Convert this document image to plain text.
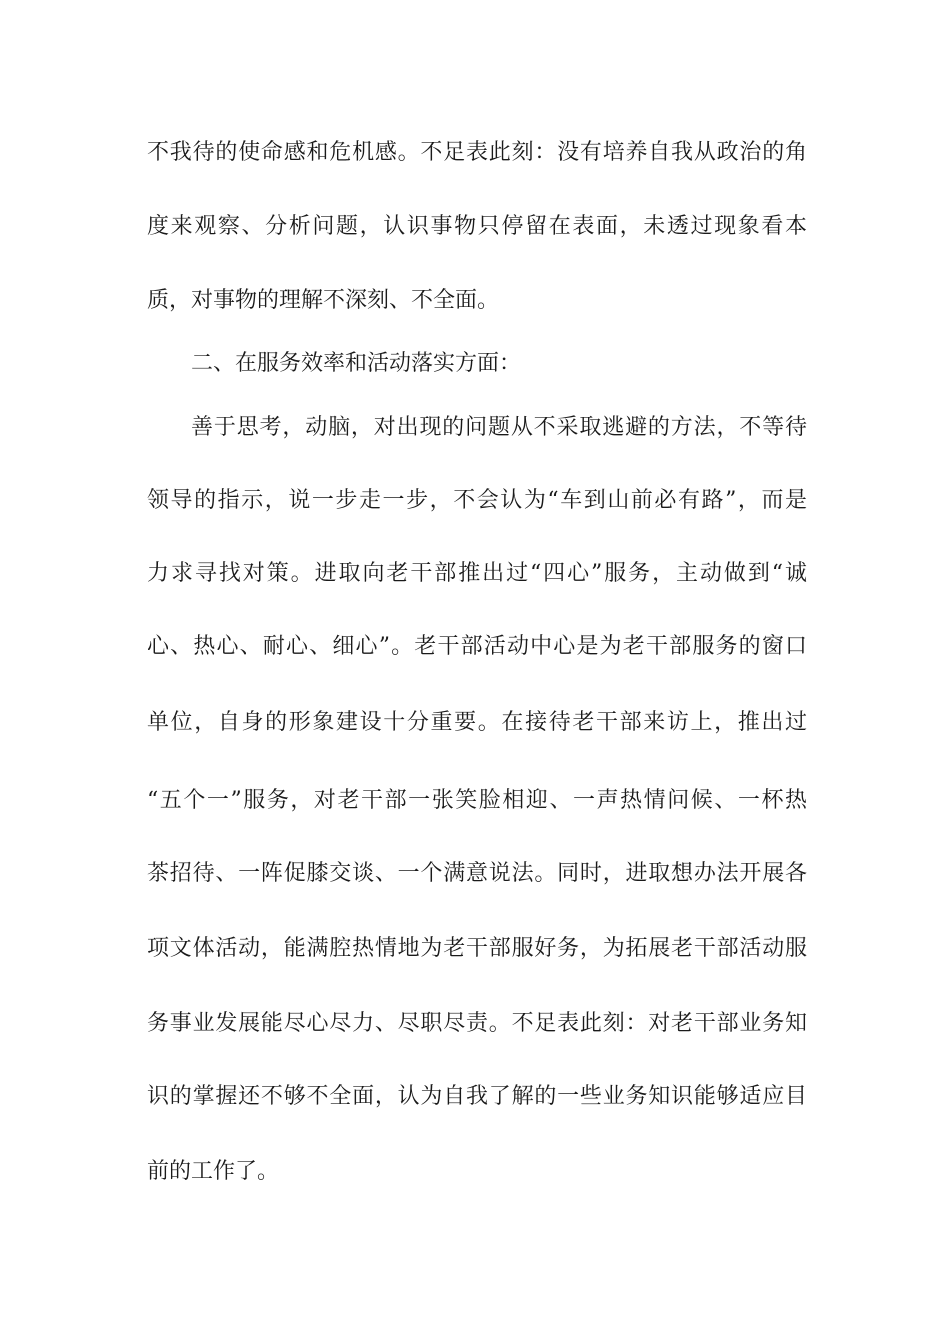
不我待的使命感和危机感。不足表此刻：没有培养自我从政治的角
度来观察、分析问题，认识事物只停留在表面，未透过现象看本
质，对事物的理解不深刻、不全面。
二、在服务效率和活动落实方面：
善于思考，动脑，对出现的问题从不采取逃避的方法，不等待
领导的指示，说一步走一步，不会认为“车到山前必有路”，而是
力求寻找对策。进取向老干部推出过“四心”服务，主动做到“诚
心、热心、耐心、细心”。老干部活动中心是为老干部服务的窗口
单位，自身的形象建设十分重要。在接待老干部来访上，推出过
“五个一”服务，对老干部一张笑脸相迎、一声热情问候、一杯热
茶招待、一阵促膝交谈、一个满意说法。同时，进取想办法开展各
项文体活动，能满腔热情地为老干部服好务，为拓展老干部活动服
务事业发展能尽心尽力、尽职尽责。不足表此刻：对老干部业务知
识的掌握还不够不全面，认为自我了解的一些业务知识能够适应目
前的工作了。
